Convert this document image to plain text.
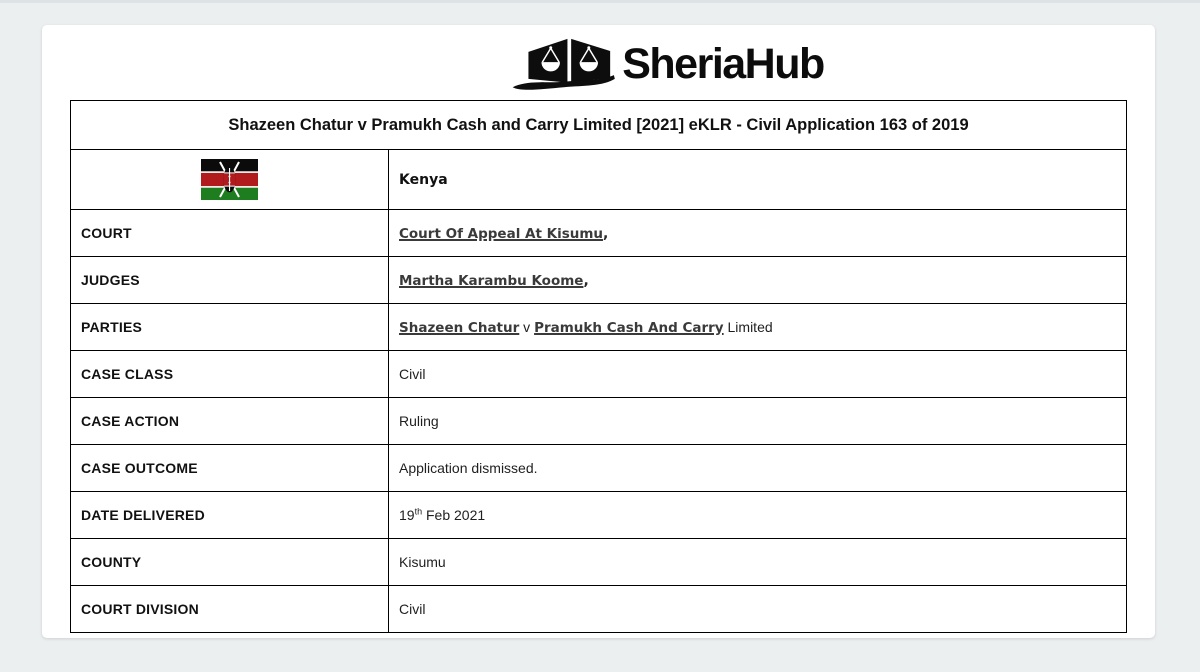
SheriaHub
Shazeen Chatur v Pramukh Cash and Carry Limited [2021] eKLR - Civil Application 163 of 2019	
	Kenya
COURT	Court Of Appeal At Kisumu,
JUDGES	Martha Karambu Koome,
PARTIES	Shazeen Chatur v Pramukh Cash And Carry Limited
CASE CLASS	Civil
CASE ACTION	Ruling
CASE OUTCOME	Application dismissed.
DATE DELIVERED	19th Feb 2021
COUNTY	Kisumu
COURT DIVISION	Civil
